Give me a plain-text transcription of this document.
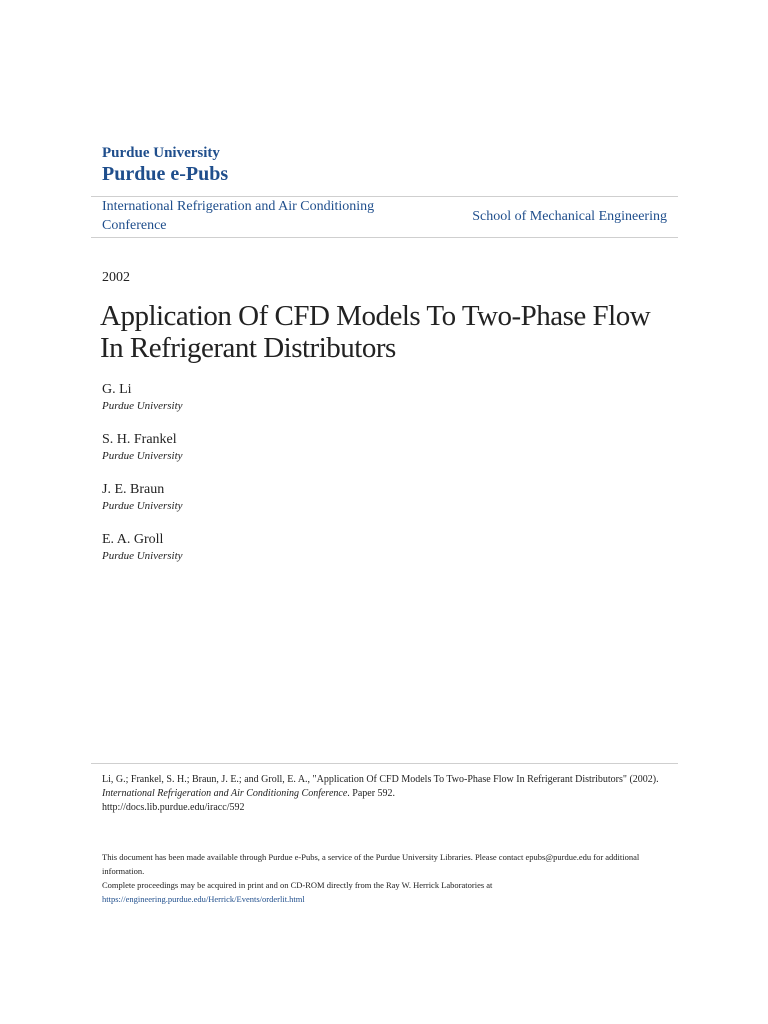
Purdue University
Purdue e-Pubs
International Refrigeration and Air Conditioning Conference
School of Mechanical Engineering
2002
Application Of CFD Models To Two-Phase Flow In Refrigerant Distributors
G. Li
Purdue University
S. H. Frankel
Purdue University
J. E. Braun
Purdue University
E. A. Groll
Purdue University
Li, G.; Frankel, S. H.; Braun, J. E.; and Groll, E. A., "Application Of CFD Models To Two-Phase Flow In Refrigerant Distributors" (2002). International Refrigeration and Air Conditioning Conference. Paper 592.
http://docs.lib.purdue.edu/iracc/592
This document has been made available through Purdue e-Pubs, a service of the Purdue University Libraries. Please contact epubs@purdue.edu for additional information.
Complete proceedings may be acquired in print and on CD-ROM directly from the Ray W. Herrick Laboratories at https://engineering.purdue.edu/Herrick/Events/orderlit.html
